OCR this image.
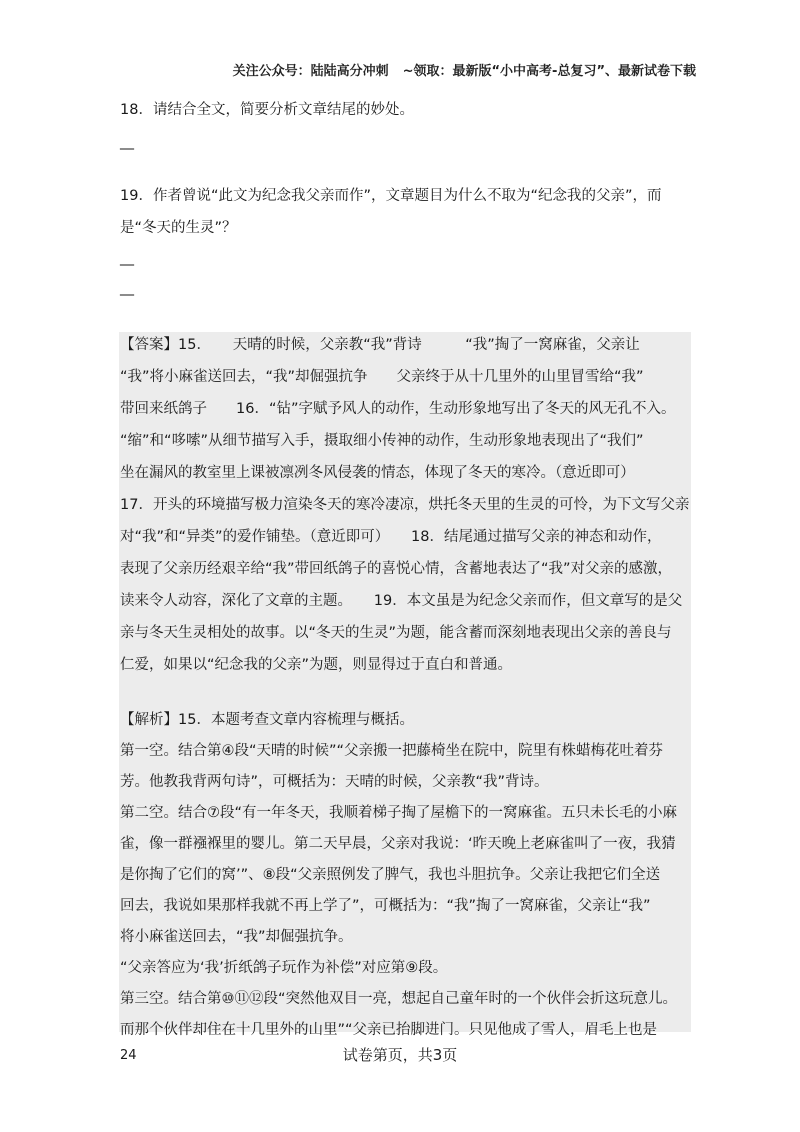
关注公众号：陆陆高分冲刺 ~领取：最新版“小中高考-总复习”、最新试卷下载
18．请结合全文，简要分析文章结尾的妙处。
__
19．作者曾说“此文为纪念我父亲而作”，文章题目为什么不取为“纪念我的父亲”，而是“冬天的生灵”？
__
__
【答案】15．　　天晴的时候，父亲教“我”背诗　　　“我”掏了一窝麻雀，父亲让
“我”将小麻雀送回去，“我”却倔强抗争　　父亲终于从十几里外的山里冒雪给“我”
带回来纸鸽子　　16．“钻”字赋予风人的动作，生动形象地写出了冬天的风无孔不入。
“缩”和“哆嗦”从细节描写入手，摄取细小传神的动作，生动形象地表现出了“我们”
坐在漏风的教室里上课被凛冽冬风侵袭的情态，体现了冬天的寒冷。（意近即可）
17．开头的环境描写极力渲染冬天的寒冷凄凉，烘托冬天里的生灵的可怜，为下文写父亲
对“我”和“异类”的爱作铺垫。（意近即可）　　18．结尾通过描写父亲的神态和动作，
表现了父亲历经艰辛给“我”带回纸鸽子的喜悦心情，含蓄地表达了“我”对父亲的感激，
读来令人动容，深化了文章的主题。　　19．本文虽是为纪念父亲而作，但文章写的是父
亲与冬天生灵相处的故事。以“冬天的生灵”为题，能含蓄而深刻地表现出父亲的善良与
仁爱，如果以“纪念我的父亲”为题，则显得过于直白和普通。
【解析】15．本题考查文章内容梳理与概括。
第一空。结合第④段“天晴的时候”“父亲搬一把藤椅坐在院中，院里有株蜡梅花吐着芬
芳。他教我背两句诗”，可概括为：天晴的时候，父亲教“我”背诗。
第二空。结合⑦段“有一年冬天，我顺着梯子掏了屋檐下的一窝麻雀。五只未长毛的小麻
雀，像一群襁褓里的婴儿。第二天早晨，父亲对我说：‘昨天晚上老麻雀叫了一夜，我猜
是你掏了它们的窝’”、⑧段“父亲照例发了脾气，我也斗胆抗争。父亲让我把它们全送
回去，我说如果那样我就不再上学了”，可概括为：“我”掏了一窝麻雀，父亲让“我”
将小麻雀送回去，“我”却倔强抗争。
“父亲答应为‘我’折纸鸽子玩作为补偿”对应第⑨段。
第三空。结合第⑩⑪⑫段“突然他双目一亮，想起自己童年时的一个伙伴会折这玩意儿。
而那个伙伴却住在十几里外的山里”“父亲已抬脚进门。只见他成了雪人，眉毛上也是
24	试卷第页，共3页
